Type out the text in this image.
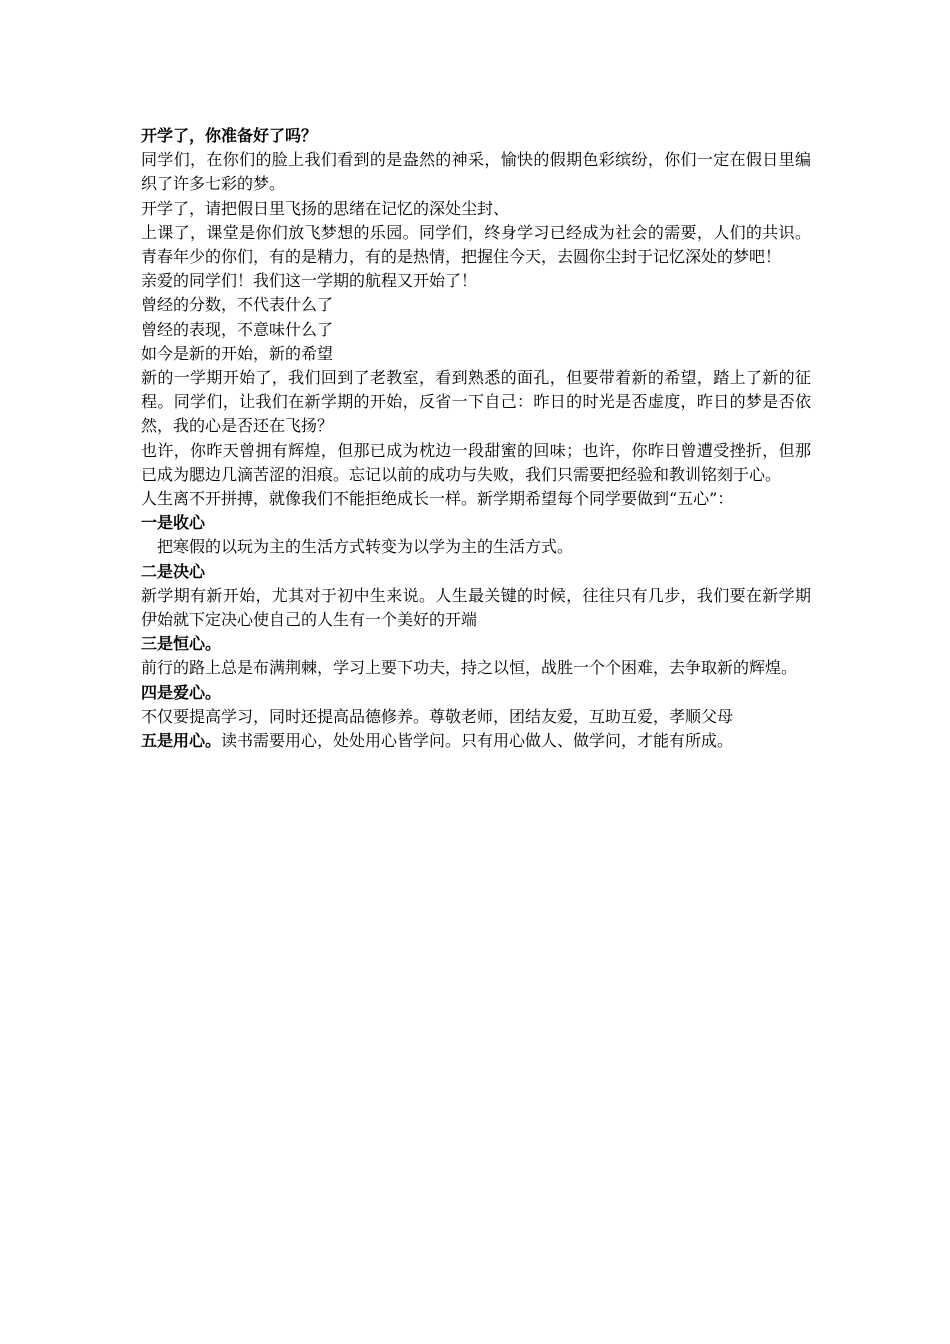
开学了，你准备好了吗？

同学们，在你们的脸上我们看到的是盎然的神采，愉快的假期色彩缤纷，你们一定在假日里编织了许多七彩的梦。

开学了，请把假日里飞扬的思绪在记忆的深处尘封、

上课了，课堂是你们放飞梦想的乐园。同学们，终身学习已经成为社会的需要，人们的共识。青春年少的你们，有的是精力，有的是热情，把握住今天，去圆你尘封于记忆深处的梦吧！

亲爱的同学们！我们这一学期的航程又开始了！

曾经的分数，不代表什么了

曾经的表现，不意味什么了

如今是新的开始，新的希望

新的一学期开始了，我们回到了老教室，看到熟悉的面孔，但要带着新的希望，踏上了新的征程。同学们，让我们在新学期的开始，反省一下自己：昨日的时光是否虚度，昨日的梦是否依然，我的心是否还在飞扬？

也许，你昨天曾拥有辉煌，但那已成为枕边一段甜蜜的回味；也许，你昨日曾遭受挫折，但那已成为腮边几滴苦涩的泪痕。忘记以前的成功与失败，我们只需要把经验和教训铭刻于心。

人生离不开拼搏，就像我们不能拒绝成长一样。新学期希望每个同学要做到“五心”：

一是收心

把寒假的以玩为主的生活方式转变为以学为主的生活方式。

二是决心

新学期有新开始，尤其对于初中生来说。人生最关键的时候，往往只有几步，我们要在新学期伊始就下定决心使自己的人生有一个美好的开端

三是恒心。

前行的路上总是布满荆棘，学习上要下功夫，持之以恒，战胜一个个困难，去争取新的辉煌。

四是爱心。

不仅要提高学习，同时还提高品德修养。尊敬老师，团结友爱，互助互爱，孝顺父母

五是用心。读书需要用心，处处用心皆学问。只有用心做人、做学问，才能有所成。
